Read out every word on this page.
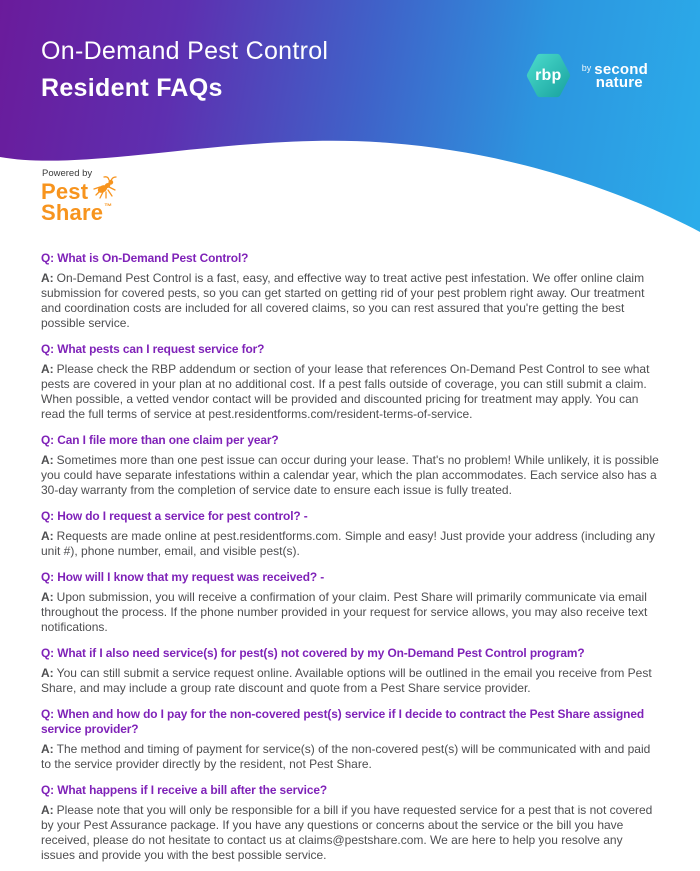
On-Demand Pest Control
Resident FAQs	rbp	by second
nature
Powered by
Pest
Share ™
Q: What is On-Demand Pest Control?

A: On-Demand Pest Control is a fast, easy, and effective way to treat active pest infestation. We offer online claim submission for covered pests, so you can get started on getting rid of your pest problem right away. Our treatment and coordination costs are included for all covered claims, so you can rest assured that you're getting the best possible service.

Q: What pests can I request service for?

A: Please check the RBP addendum or section of your lease that references On-Demand Pest Control to see what pests are covered in your plan at no additional cost. If a pest falls outside of coverage, you can still submit a claim. When possible, a vetted vendor contact will be provided and discounted pricing for treatment may apply. You can read the full terms of service at pest.residentforms.com/resident-terms-of-service.

Q: Can I file more than one claim per year?

A: Sometimes more than one pest issue can occur during your lease. That's no problem! While unlikely, it is possible you could have separate infestations within a calendar year, which the plan accommodates. Each service also has a 30-day warranty from the completion of service date to ensure each issue is fully treated.

Q: How do I request a service for pest control? -

A: Requests are made online at pest.residentforms.com. Simple and easy! Just provide your address (including any unit #), phone number, email, and visible pest(s).

Q: How will I know that my request was received? -

A: Upon submission, you will receive a confirmation of your claim. Pest Share will primarily communicate via email throughout the process. If the phone number provided in your request for service allows, you may also receive text notifications.

Q: What if I also need service(s) for pest(s) not covered by my On-Demand Pest Control program?

A: You can still submit a service request online. Available options will be outlined in the email you receive from Pest Share, and may include a group rate discount and quote from a Pest Share service provider.

Q: When and how do I pay for the non-covered pest(s) service if I decide to contract the Pest Share assigned service provider?

A: The method and timing of payment for service(s) of the non-covered pest(s) will be communicated with and paid to the service provider directly by the resident, not Pest Share.

Q: What happens if I receive a bill after the service?

A: Please note that you will only be responsible for a bill if you have requested service for a pest that is not covered by your Pest Assurance package. If you have any questions or concerns about the service or the bill you have received, please do not hesitate to contact us at claims@pestshare.com. We are here to help you resolve any issues and provide you with the best possible service.
